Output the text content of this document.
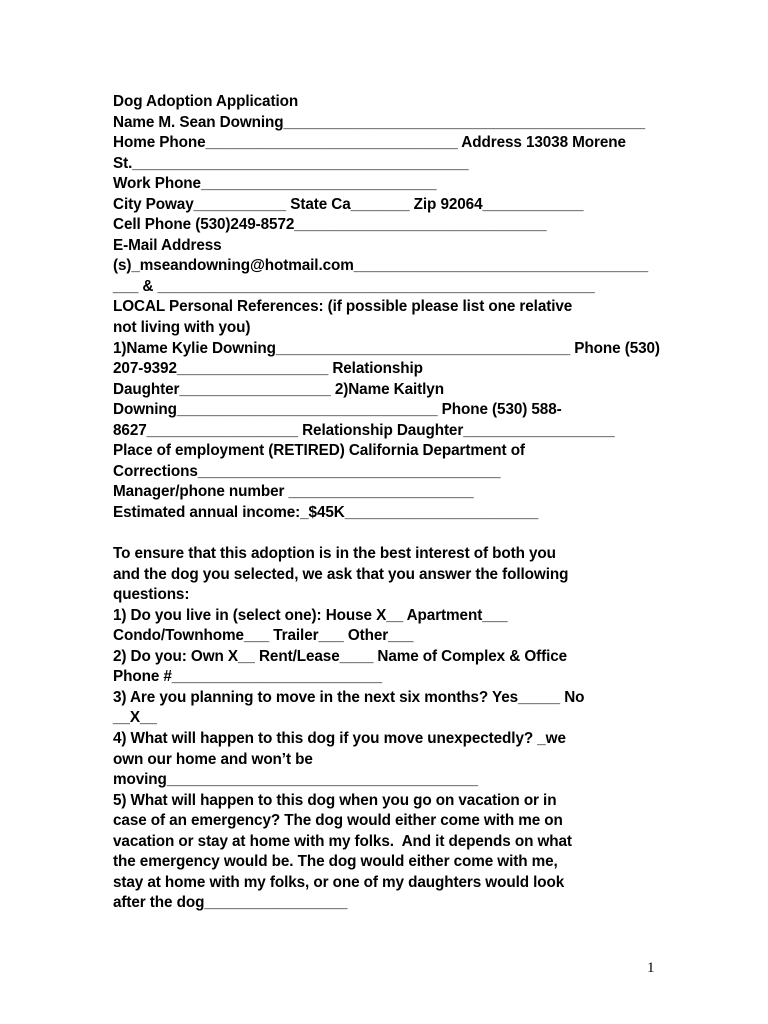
Dog Adoption Application
Name M. Sean Downing___________________________________________
Home Phone______________________________ Address 13038 Morene
St.________________________________________
Work Phone____________________________
City Poway___________ State Ca_______ Zip 92064____________
Cell Phone (530)249-8572______________________________
E-Mail Address
(s)_mseandowning@hotmail.com___________________________________
___ & ____________________________________________________
LOCAL Personal References: (if possible please list one relative
not living with you)
1)Name Kylie Downing___________________________________ Phone (530)
207-9392__________________ Relationship
Daughter__________________ 2)Name Kaitlyn
Downing_______________________________ Phone (530) 588-
8627__________________ Relationship Daughter__________________
Place of employment (RETIRED) California Department of
Corrections____________________________________
Manager/phone number ______________________
Estimated annual income:_$45K_______________________
To ensure that this adoption is in the best interest of both you
and the dog you selected, we ask that you answer the following
questions:
1) Do you live in (select one): House X__ Apartment___
Condo/Townhome___ Trailer___ Other___
2) Do you: Own X__ Rent/Lease____ Name of Complex & Office
Phone #_________________________
3) Are you planning to move in the next six months? Yes_____ No
__X__
4) What will happen to this dog if you move unexpectedly? _we
own our home and won’t be
moving_____________________________________
5) What will happen to this dog when you go on vacation or in
case of an emergency? The dog would either come with me on
vacation or stay at home with my folks.  And it depends on what
the emergency would be. The dog would either come with me,
stay at home with my folks, or one of my daughters would look
after the dog_________________
1
